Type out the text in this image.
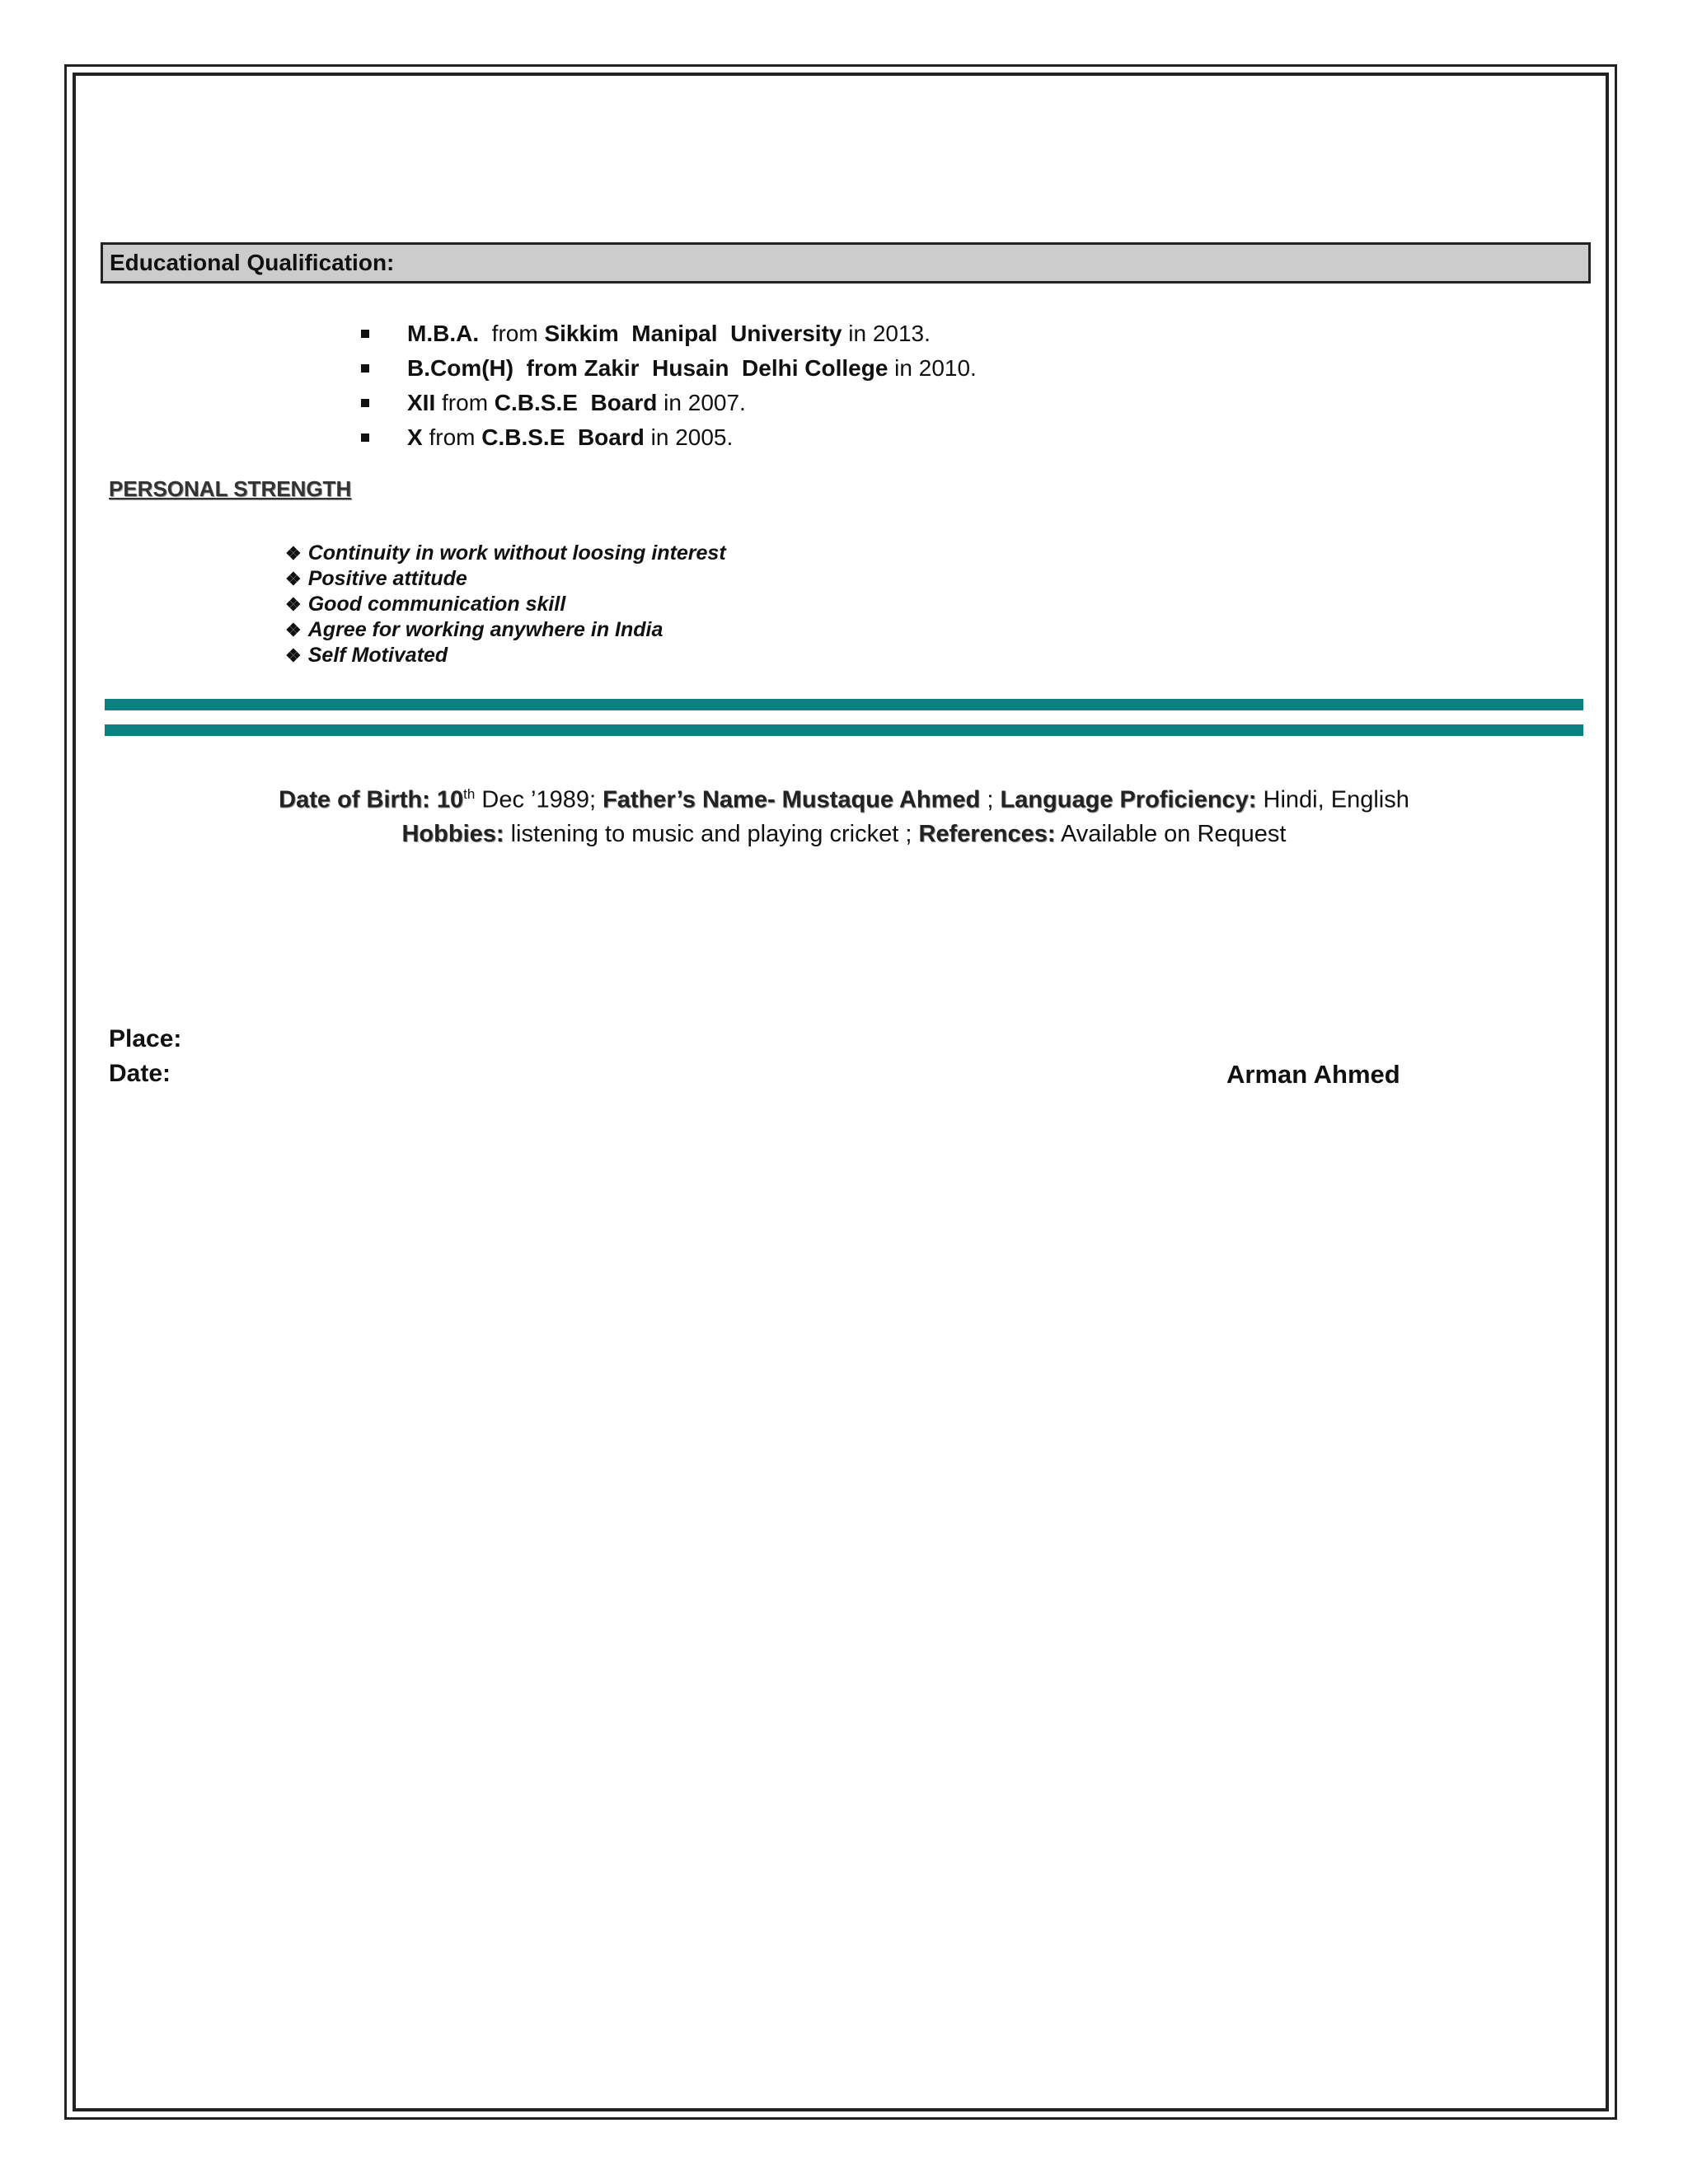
Educational Qualification:
M.B.A.  from Sikkim  Manipal  University in 2013.
B.Com(H)  from Zakir  Husain  Delhi College in 2010.
XII from C.B.S.E  Board in 2007.
X from C.B.S.E  Board in 2005.
PERSONAL STRENGTH
❖ Continuity in work without loosing interest
❖ Positive attitude
❖ Good communication skill
❖ Agree for working anywhere in India
❖ Self Motivated
Date of Birth: 10th Dec ’1989; Father’s Name- Mustaque Ahmed ; Language Proficiency: Hindi, English
Hobbies: listening to music and playing cricket ; References: Available on Request
Place:
Date:	Arman Ahmed
